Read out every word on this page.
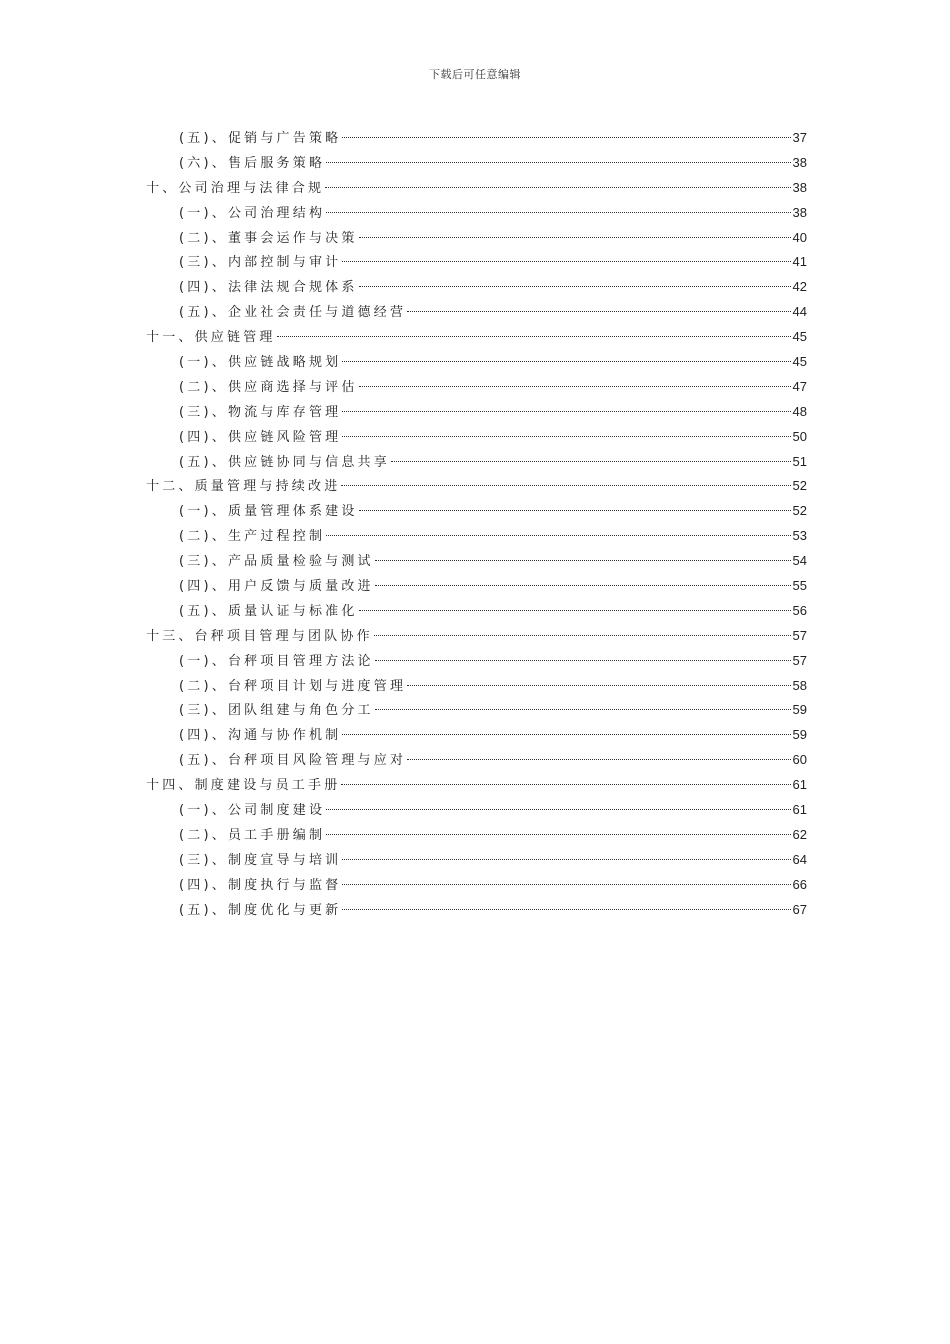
下载后可任意编辑
(五)、促销与广告策略	37
(六)、售后服务策略	38
十、公司治理与法律合规	38
(一)、公司治理结构	38
(二)、董事会运作与决策	40
(三)、内部控制与审计	41
(四)、法律法规合规体系	42
(五)、企业社会责任与道德经营	44
十一、供应链管理	45
(一)、供应链战略规划	45
(二)、供应商选择与评估	47
(三)、物流与库存管理	48
(四)、供应链风险管理	50
(五)、供应链协同与信息共享	51
十二、质量管理与持续改进	52
(一)、质量管理体系建设	52
(二)、生产过程控制	53
(三)、产品质量检验与测试	54
(四)、用户反馈与质量改进	55
(五)、质量认证与标准化	56
十三、台秤项目管理与团队协作	57
(一)、台秤项目管理方法论	57
(二)、台秤项目计划与进度管理	58
(三)、团队组建与角色分工	59
(四)、沟通与协作机制	59
(五)、台秤项目风险管理与应对	60
十四、制度建设与员工手册	61
(一)、公司制度建设	61
(二)、员工手册编制	62
(三)、制度宣导与培训	64
(四)、制度执行与监督	66
(五)、制度优化与更新	67
